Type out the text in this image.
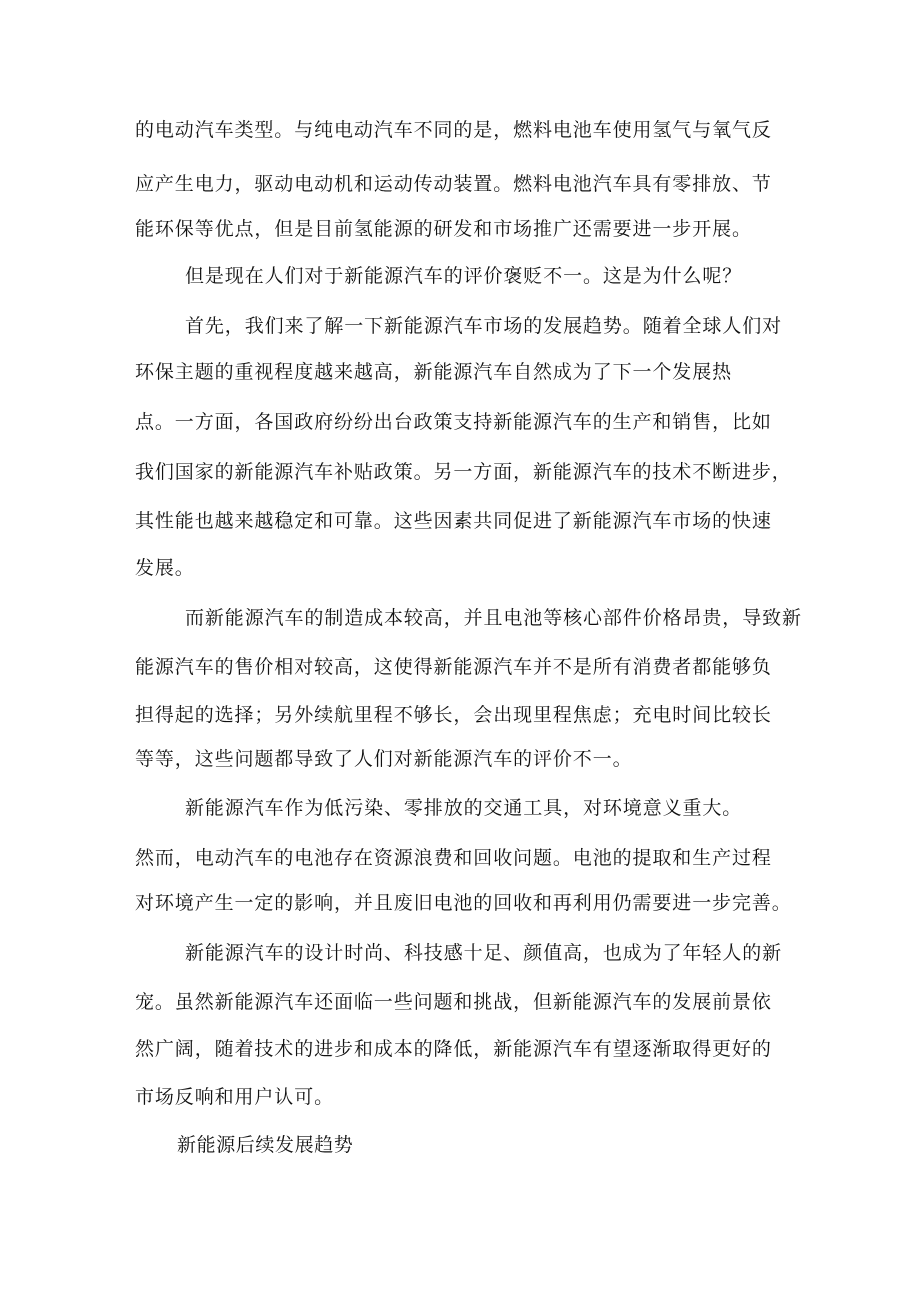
的电动汽车类型。与纯电动汽车不同的是，燃料电池车使用氢气与氧气反

应产生电力，驱动电动机和运动传动装置。燃料电池汽车具有零排放、节

能环保等优点，但是目前氢能源的研发和市场推广还需要进一步开展。

但是现在人们对于新能源汽车的评价褒贬不一。这是为什么呢？

首先，我们来了解一下新能源汽车市场的发展趋势。随着全球人们对

环保主题的重视程度越来越高，新能源汽车自然成为了下一个发展热

点。一方面，各国政府纷纷出台政策支持新能源汽车的生产和销售，比如

我们国家的新能源汽车补贴政策。另一方面，新能源汽车的技术不断进步，

其性能也越来越稳定和可靠。这些因素共同促进了新能源汽车市场的快速

发展。

而新能源汽车的制造成本较高，并且电池等核心部件价格昂贵，导致新

能源汽车的售价相对较高，这使得新能源汽车并不是所有消费者都能够负

担得起的选择；另外续航里程不够长，会出现里程焦虑；充电时间比较长

等等，这些问题都导致了人们对新能源汽车的评价不一。

新能源汽车作为低污染、零排放的交通工具，对环境意义重大。

然而，电动汽车的电池存在资源浪费和回收问题。电池的提取和生产过程

对环境产生一定的影响，并且废旧电池的回收和再利用仍需要进一步完善。

新能源汽车的设计时尚、科技感十足、颜值高，也成为了年轻人的新

宠。虽然新能源汽车还面临一些问题和挑战，但新能源汽车的发展前景依

然广阔，随着技术的进步和成本的降低，新能源汽车有望逐渐取得更好的

市场反响和用户认可。

新能源后续发展趋势
